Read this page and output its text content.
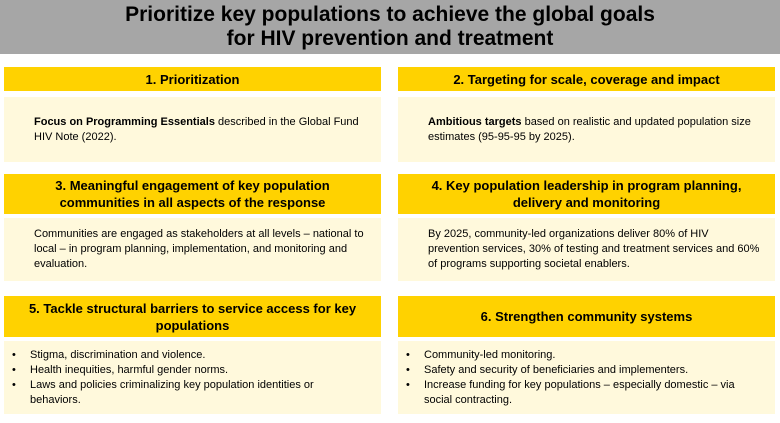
Prioritize key populations to achieve the global goals for HIV prevention and treatment
1. Prioritization
Focus on Programming Essentials described in the Global Fund HIV Note (2022).
2. Targeting for scale, coverage and impact
Ambitious targets based on realistic and updated population size estimates (95-95-95 by 2025).
3. Meaningful engagement of key population communities in all aspects of the response
Communities are engaged as stakeholders at all levels – national to local – in program planning, implementation, and monitoring and evaluation.
4. Key population leadership in program planning, delivery and monitoring
By 2025, community-led organizations deliver 80% of HIV prevention services, 30% of testing and treatment services and 60% of programs supporting societal enablers.
5. Tackle structural barriers to service access for key populations
• Stigma, discrimination and violence.
• Health inequities, harmful gender norms.
• Laws and policies criminalizing key population identities or behaviors.
6. Strengthen community systems
• Community-led monitoring.
• Safety and security of beneficiaries and implementers.
• Increase funding for key populations – especially domestic – via social contracting.
